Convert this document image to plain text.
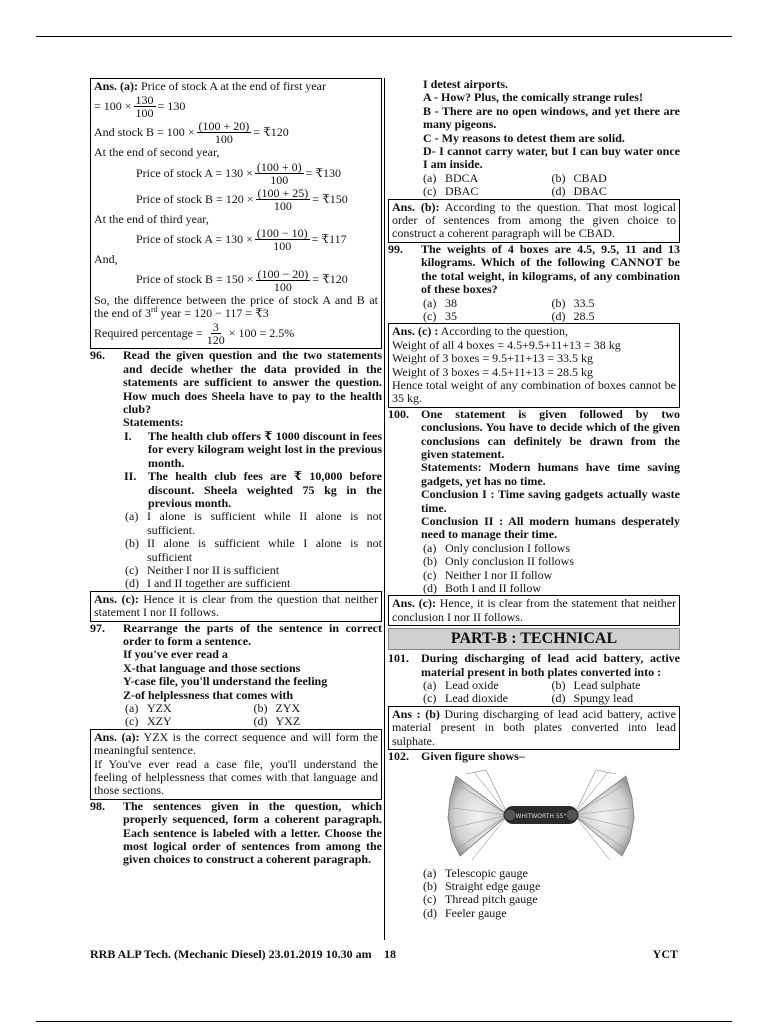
Ans. (a): Price of stock A at the end of first year
= $100 \times \frac{130}{100} = 130$
And stock $B = 100 \times \frac{(100 + 20)}{100}$ = ₹120
At the end of second year,
Price of stock $A = 130 \times \frac{(100 + 0)}{100}$ = ₹130
Price of stock $B = 120 \times \frac{(100 + 25)}{100}$ = ₹150
At the end of third year,
Price of stock $A = 130 \times \frac{(100 - 10)}{100}$ = ₹117
And,
Price of stock $B = 150 \times \frac{(100 - 20)}{100}$ = ₹120
So, the difference between the price of stock A and B at the end of 3rd year = 120 − 117 = ₹3
Required percentage = $\frac{3}{120} \times 100 = 2.5\%$
96.	Read the given question and the two statements and decide whether the data provided in the statements are sufficient to answer the question. How much does Sheela have to pay to the health club?
Statements:
I.	The health club offers ₹ 1000 discount in fees for every kilogram weight lost in the previous month.
II. The health club fees are ₹ 10,000 before discount. Sheela weighted 75 kg in the previous month.
(a) I alone is sufficient while II alone is not sufficient.
(b) II alone is sufficient while I alone is not sufficient
(c) Neither I nor II is sufficient
(d) I and II together are sufficient
Ans. (c): Hence it is clear from the question that neither statement I nor II follows.
97.	Rearrange the parts of the sentence in correct order to form a sentence.
If you've ever read a
X-that language and those sections
Y-case file, you'll understand the feeling
Z-of helplessness that comes with
(a) YZX	(b) ZYX
(c) XZY	(d) YXZ
Ans. (a): YZX is the correct sequence and will form the meaningful sentence.
If You've ever read a case file, you'll understand the feeling of helplessness that comes with that language and those sections.
98.	The sentences given in the question, which properly sequenced, form a coherent paragraph. Each sentence is labeled with a letter. Choose the most logical order of sentences from among the given choices to construct a coherent paragraph.
I detest airports.
A - How? Plus, the comically strange rules!
B - There are no open windows, and yet there are many pigeons.
C - My reasons to detest them are solid.
D- I cannot carry water, but I can buy water once I am inside.
(a) BDCA	(b) CBAD
(c) DBAC	(d) DBAC
Ans. (b): According to the question. That most logical order of sentences from among the given choice to construct a coherent paragraph will be CBAD.
99.	The weights of 4 boxes are 4.5, 9.5, 11 and 13 kilograms. Which of the following CANNOT be the total weight, in kilograms, of any combination of these boxes?
(a) 38	(b) 33.5
(c) 35	(d) 28.5
Ans. (c) : According to the question,
Weight of all 4 boxes = 4.5+9.5+11+13 = 38 kg
Weight of 3 boxes = 9.5+11+13 = 33.5 kg
Weight of 3 boxes = 4.5+11+13 = 28.5 kg
Hence total weight of any combination of boxes cannot be 35 kg.
100.	One statement is given followed by two conclusions. You have to decide which of the given conclusions can definitely be drawn from the given statement.
Statements: Modern humans have time saving gadgets, yet has no time.
Conclusion I : Time saving gadgets actually waste time.
Conclusion II : All modern humans desperately need to manage their time.
(a) Only conclusion I follows
(b) Only conclusion II follows
(c) Neither I nor II follow
(d) Both I and II follow
Ans. (c): Hence, it is clear from the statement that neither conclusion I nor II follows.
PART-B : TECHNICAL
101.	During discharging of lead acid battery, active material present in both plates converted into :
(a) Lead oxide	(b) Lead sulphate
(c) Lead dioxide	(d) Spungy lead
Ans : (b) During discharging of lead acid battery, active material present in both plates converted into lead sulphate.
102.	Given figure shows–
WHITWORTH 55°
(a) Telescopic gauge
(b) Straight edge gauge
(c) Thread pitch gauge
(d) Feeler gauge
RRB ALP Tech. (Mechanic Diesel) 23.01.2019 10.30 am 18	YCT
